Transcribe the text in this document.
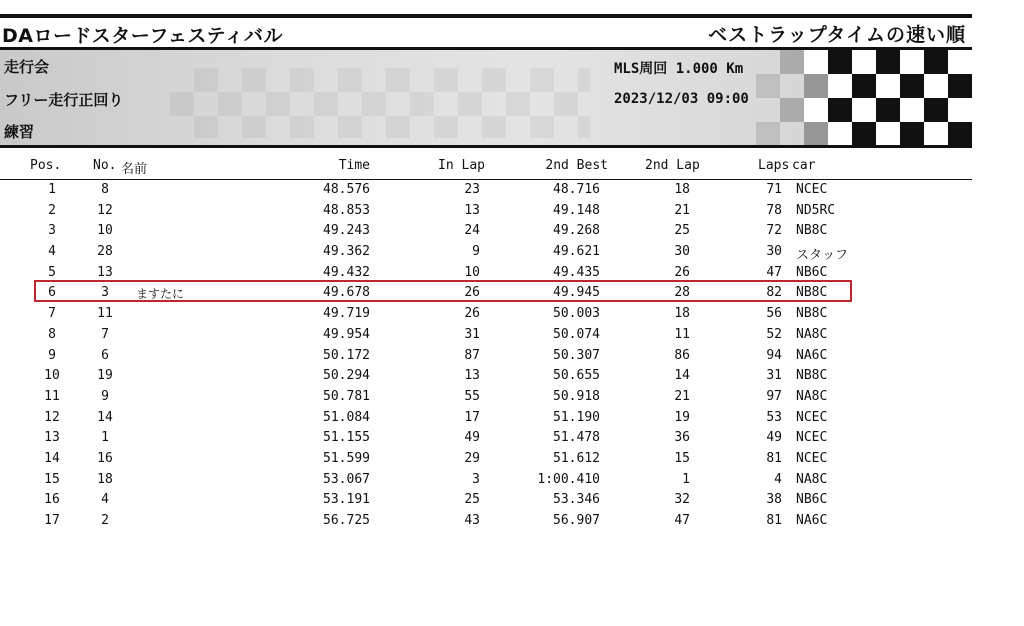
DAロードスターフェスティバル	ベストラップタイムの速い順
走行会
フリー走行正回り
練習
MLS周回 1.000 Km
2023/12/03 09:00
Pos. No. 名前	Time	In Lap	2nd Best	2nd Lap	Laps car
1	8	48.576	23	48.716	18	71 NCEC
2	12	48.853	13	49.148	21	78 ND5RC
3	10	49.243	24	49.268	25	72 NB8C
4	28	49.362	9	49.621	30	30 スタッフ
5	13	49.432	10	49.435	26	47 NB6C
6	3	ますたに	49.678	26	49.945	28	82 NB8C
7	11	49.719	26	50.003	18	56 NB8C
8	7	49.954	31	50.074	11	52 NA8C
9	6	50.172	87	50.307	86	94 NA6C
10	19	50.294	13	50.655	14	31 NB8C
11	9	50.781	55	50.918	21	97 NA8C
12	14	51.084	17	51.190	19	53 NCEC
13	1	51.155	49	51.478	36	49 NCEC
14	16	51.599	29	51.612	15	81 NCEC
15	18	53.067	3	1:00.410	1	4 NA8C
16	4	53.191	25	53.346	32	38 NB6C
17	2	56.725	43	56.907	47	81 NA6C
